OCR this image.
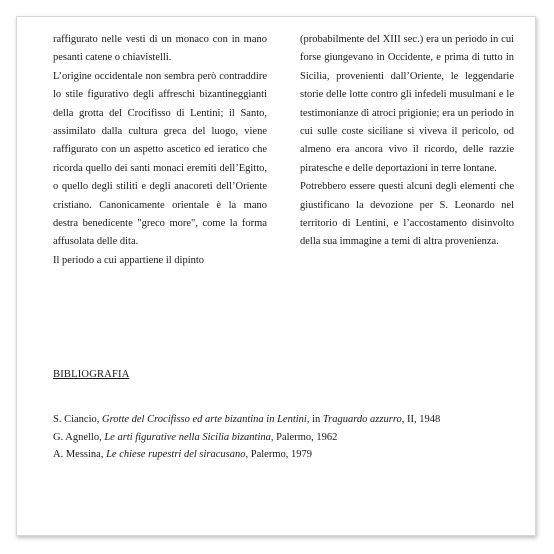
raffigurato nelle vesti di un monaco con in mano pesanti catene o chiavistelli.

L’origine occidentale non sembra però contraddire lo stile figurativo degli affreschi bizantineggianti della grotta del Crocifisso di Lentini; il Santo, assimilato dalla cultura greca del luogo, viene raffigurato con un aspetto ascetico ed ieratico che ricorda quello dei santi monaci eremiti dell’Egitto, o quello degli stiliti e degli anacoreti dell’Oriente cristiano. Canonicamente orientale è la mano destra benedicente "greco more", come la forma affusolata delle dita.

Il periodo a cui appartiene il dipinto

(probabilmente del XIII sec.) era un periodo in cui forse giungevano in Occidente, e prima di tutto in Sicilia, provenienti dall’Oriente, le leggendarie storie delle lotte contro gli infedeli musulmani e le testimonianze di atroci prigionie; era un periodo in cui sulle coste siciliane si viveva il pericolo, od almeno era ancora vivo il ricordo, delle razzie piratesche e delle deportazioni in terre lontane.

Potrebbero essere questi alcuni degli elementi che giustificano la devozione per S. Leonardo nel territorio di Lentini, e l’accostamento disinvolto della sua immagine a temi di altra provenienza.

BIBLIOGRAFIA
S. Ciancio, Grotte del Crocifisso ed arte bizantina in Lentini, in Traguardo azzurro, II, 1948
G. Agnello, Le arti figurative nella Sicilia bizantina, Palermo, 1962
A. Messina, Le chiese rupestri del siracusano, Palermo, 1979
